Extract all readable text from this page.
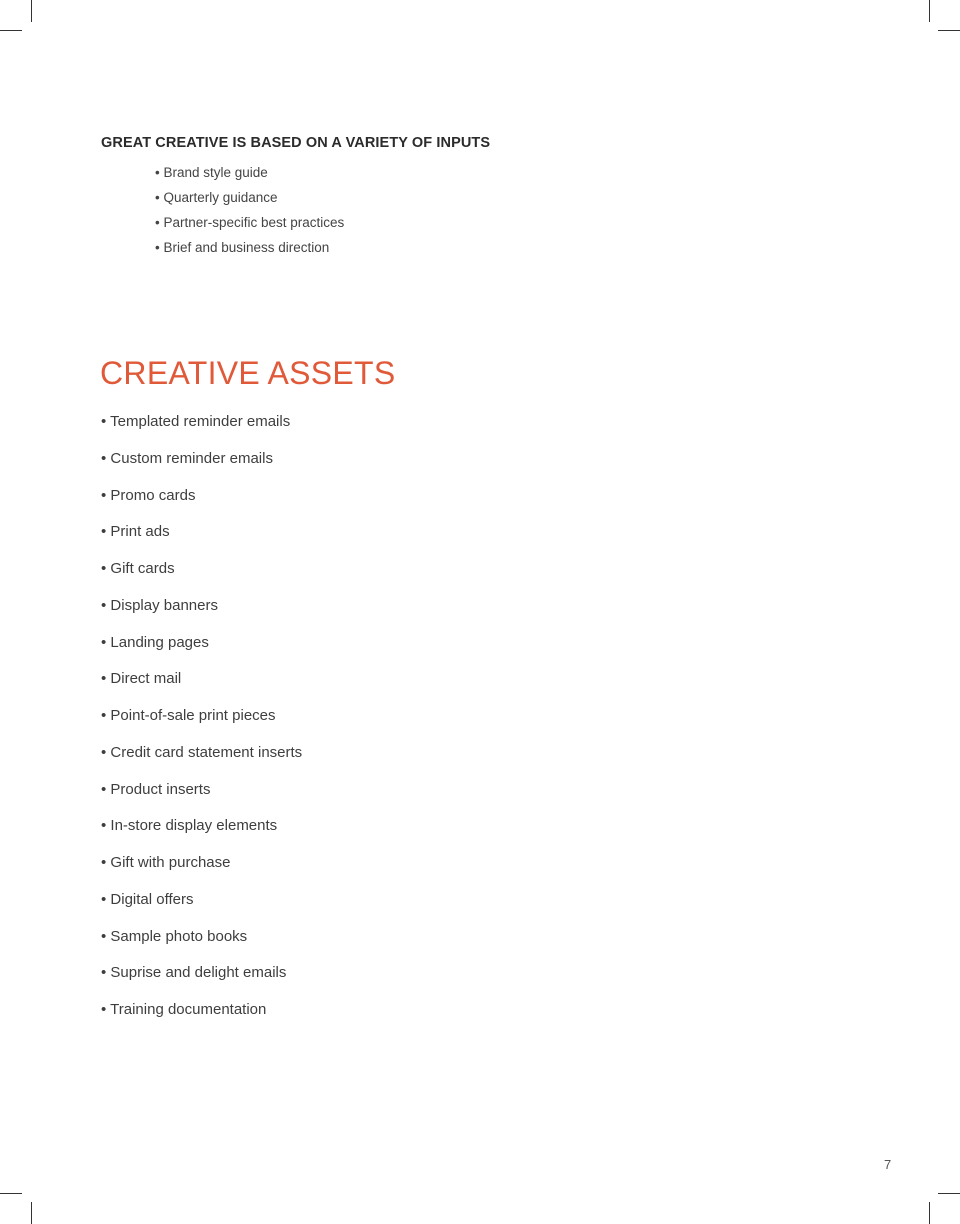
GREAT CREATIVE IS BASED ON A VARIETY OF INPUTS
• Brand style guide
• Quarterly guidance
• Partner-specific best practices
• Brief and business direction
CREATIVE ASSETS
• Templated reminder emails
• Custom reminder emails
• Promo cards
• Print ads
• Gift cards
• Display banners
• Landing pages
• Direct mail
• Point-of-sale print pieces
• Credit card statement inserts
• Product inserts
• In-store display elements
• Gift with purchase
• Digital offers
• Sample photo books
• Suprise and delight emails
• Training documentation
7
